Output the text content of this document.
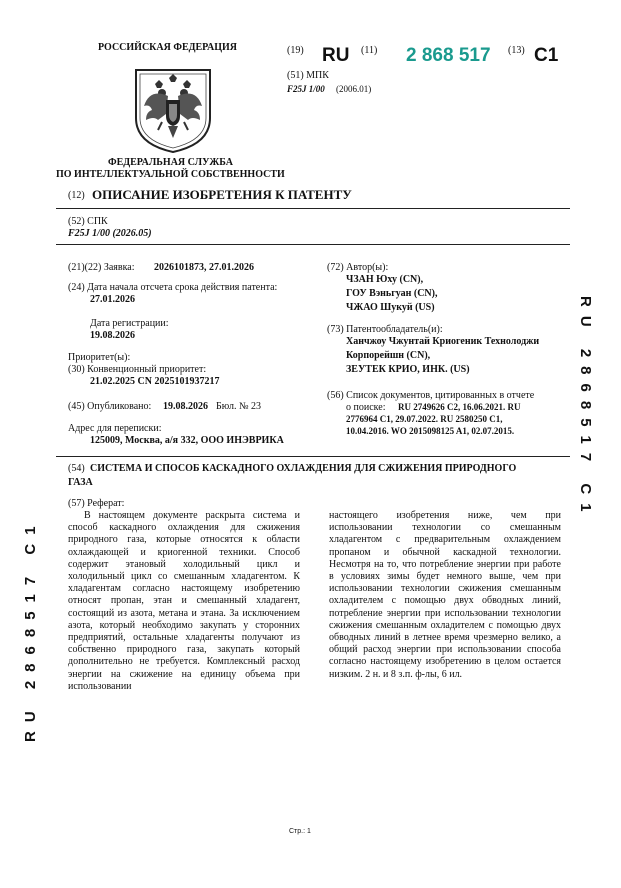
РОССИЙСКАЯ ФЕДЕРАЦИЯ
ФЕДЕРАЛЬНАЯ СЛУЖБА
ПО ИНТЕЛЛЕКТУАЛЬНОЙ СОБСТВЕННОСТИ
(19) RU (11) 2 868 517 (13) C1
(51) МПК
F25J 1/00 (2006.01)
(12) ОПИСАНИЕ ИЗОБРЕТЕНИЯ К ПАТЕНТУ
(52) СПК
F25J 1/00 (2026.05)
(21)(22) Заявка: 2026101873, 27.01.2026
(24) Дата начала отсчета срока действия патента:
27.01.2026
Дата регистрации:
19.08.2026
Приоритет(ы):
(30) Конвенционный приоритет:
21.02.2025 CN 2025101937217
(45) Опубликовано: 19.08.2026 Бюл. № 23
Адрес для переписки:
125009, Москва, а/я 332, ООО ИНЭВРИКА
(72) Автор(ы):
ЧЗАН Юху (CN),
ГОУ Вэньгуан (CN),
ЧЖАО Шукуй (US)
(73) Патентообладатель(и):
Ханчжоу Чжунтай Криогеник Технолоджи
Корпорейшн (CN),
ЗЕУТЕК КРИО, ИНК. (US)
(56) Список документов, цитированных в отчете
о поиске: RU 2749626 C2, 16.06.2021. RU
2776964 C1, 29.07.2022. RU 2580250 C1,
10.04.2016. WO 2015098125 A1, 02.07.2015.
(54) СИСТЕМА И СПОСОБ КАСКАДНОГО ОХЛАЖДЕНИЯ ДЛЯ СЖИЖЕНИЯ ПРИРОДНОГО
ГАЗА
(57) Реферат:
В настоящем документе раскрыта система и способ каскадного охлаждения для сжижения природного газа, которые относятся к области охлаждающей и криогенной техники. Способ содержит этановый холодильный цикл и холодильный цикл со смешанным хладагентом. К хладагентам согласно настоящему изобретению относят пропан, этан и смешанный хладагент, состоящий из азота, метана и этана. За исключением азота, который необходимо закупать у сторонних предприятий, остальные хладагенты получают из собственно природного газа, закупать который дополнительно не требуется. Комплексный расход энергии на сжижение на единицу объема при использовании
настоящего изобретения ниже, чем при использовании технологии со смешанным хладагентом с предварительным охлаждением пропаном и обычной каскадной технологии. Несмотря на то, что потребление энергии при работе в условиях зимы будет немного выше, чем при использовании технологии сжижения смешанным охладителем с помощью двух обводных линий, потребление энергии при использовании технологии сжижения смешанным охладителем с помощью двух обводных линий в летнее время чрезмерно велико, а общий расход энергии при использовании способа согласно настоящему изобретению в целом остается низким. 2 н. и 8 з.п. ф-лы, 6 ил.
RU 2868517 C1
RU 2868517 C1
Стр.: 1
